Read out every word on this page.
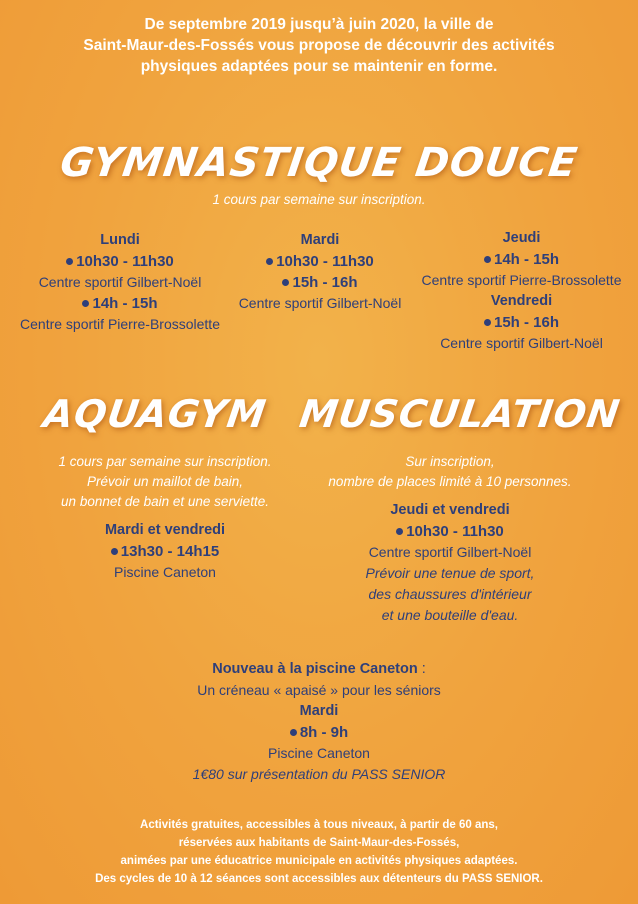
De septembre 2019 jusqu’à juin 2020, la ville de
Saint-Maur-des-Fossés vous propose de découvrir des activités
physiques adaptées pour se maintenir en forme.
GYMNASTIQUE DOUCE
1 cours par semaine sur inscription.
Lundi
10h30 - 11h30
Centre sportif Gilbert-Noël
14h - 15h
Centre sportif Pierre-Brossolette
Mardi
10h30 - 11h30
15h - 16h
Centre sportif Gilbert-Noël
Jeudi
14h - 15h
Centre sportif Pierre-Brossolette
Vendredi
15h - 16h
Centre sportif Gilbert-Noël
AQUAGYM
1 cours par semaine sur inscription.
Prévoir un maillot de bain,
un bonnet de bain et une serviette.
Mardi et vendredi
13h30 - 14h15
Piscine Caneton
MUSCULATION
Sur inscription,
nombre de places limité à 10 personnes.
Jeudi et vendredi
10h30 - 11h30
Centre sportif Gilbert-Noël
Prévoir une tenue de sport,
des chaussures d'intérieur
et une bouteille d'eau.
Nouveau à la piscine Caneton :
Un créneau « apaisé » pour les séniors
Mardi
8h - 9h
Piscine Caneton
1€80 sur présentation du PASS SENIOR
Activités gratuites, accessibles à tous niveaux, à partir de 60 ans,
réservées aux habitants de Saint-Maur-des-Fossés,
animées par une éducatrice municipale en activités physiques adaptées.
Des cycles de 10 à 12 séances sont accessibles aux détenteurs du PASS SENIOR.
